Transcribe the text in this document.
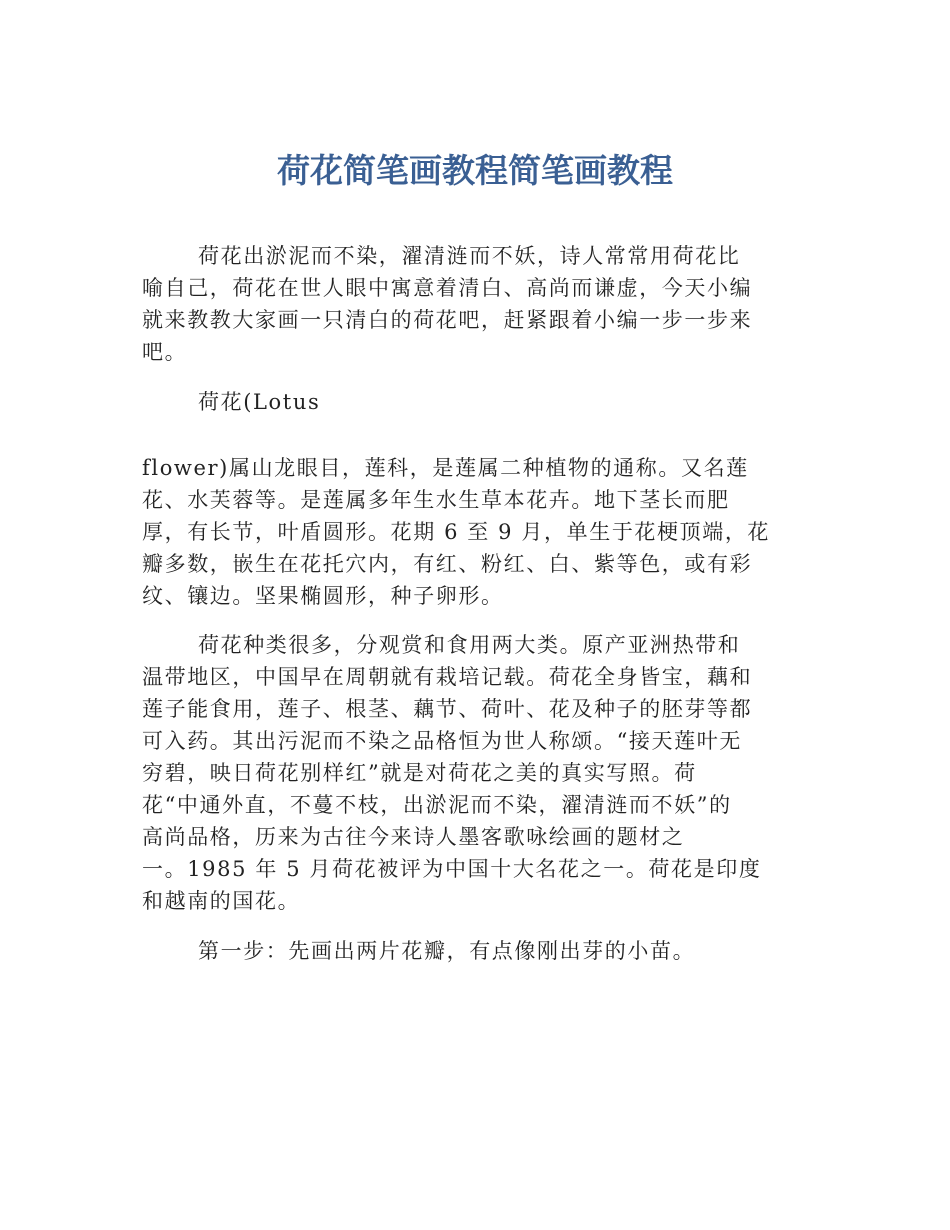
荷花简笔画教程简笔画教程

荷花出淤泥而不染，濯清涟而不妖，诗人常常用荷花比
喻自己，荷花在世人眼中寓意着清白、高尚而谦虚，今天小编
就来教教大家画一只清白的荷花吧，赶紧跟着小编一步一步来
吧。

荷花(Lotus

flower)属山龙眼目，莲科，是莲属二种植物的通称。又名莲
花、水芙蓉等。是莲属多年生水生草本花卉。地下茎长而肥
厚，有长节，叶盾圆形。花期 6 至 9 月，单生于花梗顶端，花
瓣多数，嵌生在花托穴内，有红、粉红、白、紫等色，或有彩
纹、镶边。坚果椭圆形，种子卵形。

荷花种类很多，分观赏和食用两大类。原产亚洲热带和
温带地区，中国早在周朝就有栽培记载。荷花全身皆宝，藕和
莲子能食用，莲子、根茎、藕节、荷叶、花及种子的胚芽等都
可入药。其出污泥而不染之品格恒为世人称颂。“接天莲叶无
穷碧，映日荷花别样红”就是对荷花之美的真实写照。荷
花“中通外直，不蔓不枝，出淤泥而不染，濯清涟而不妖”的
高尚品格，历来为古往今来诗人墨客歌咏绘画的题材之
一。1985 年 5 月荷花被评为中国十大名花之一。荷花是印度
和越南的国花。

第一步：先画出两片花瓣，有点像刚出芽的小苗。
